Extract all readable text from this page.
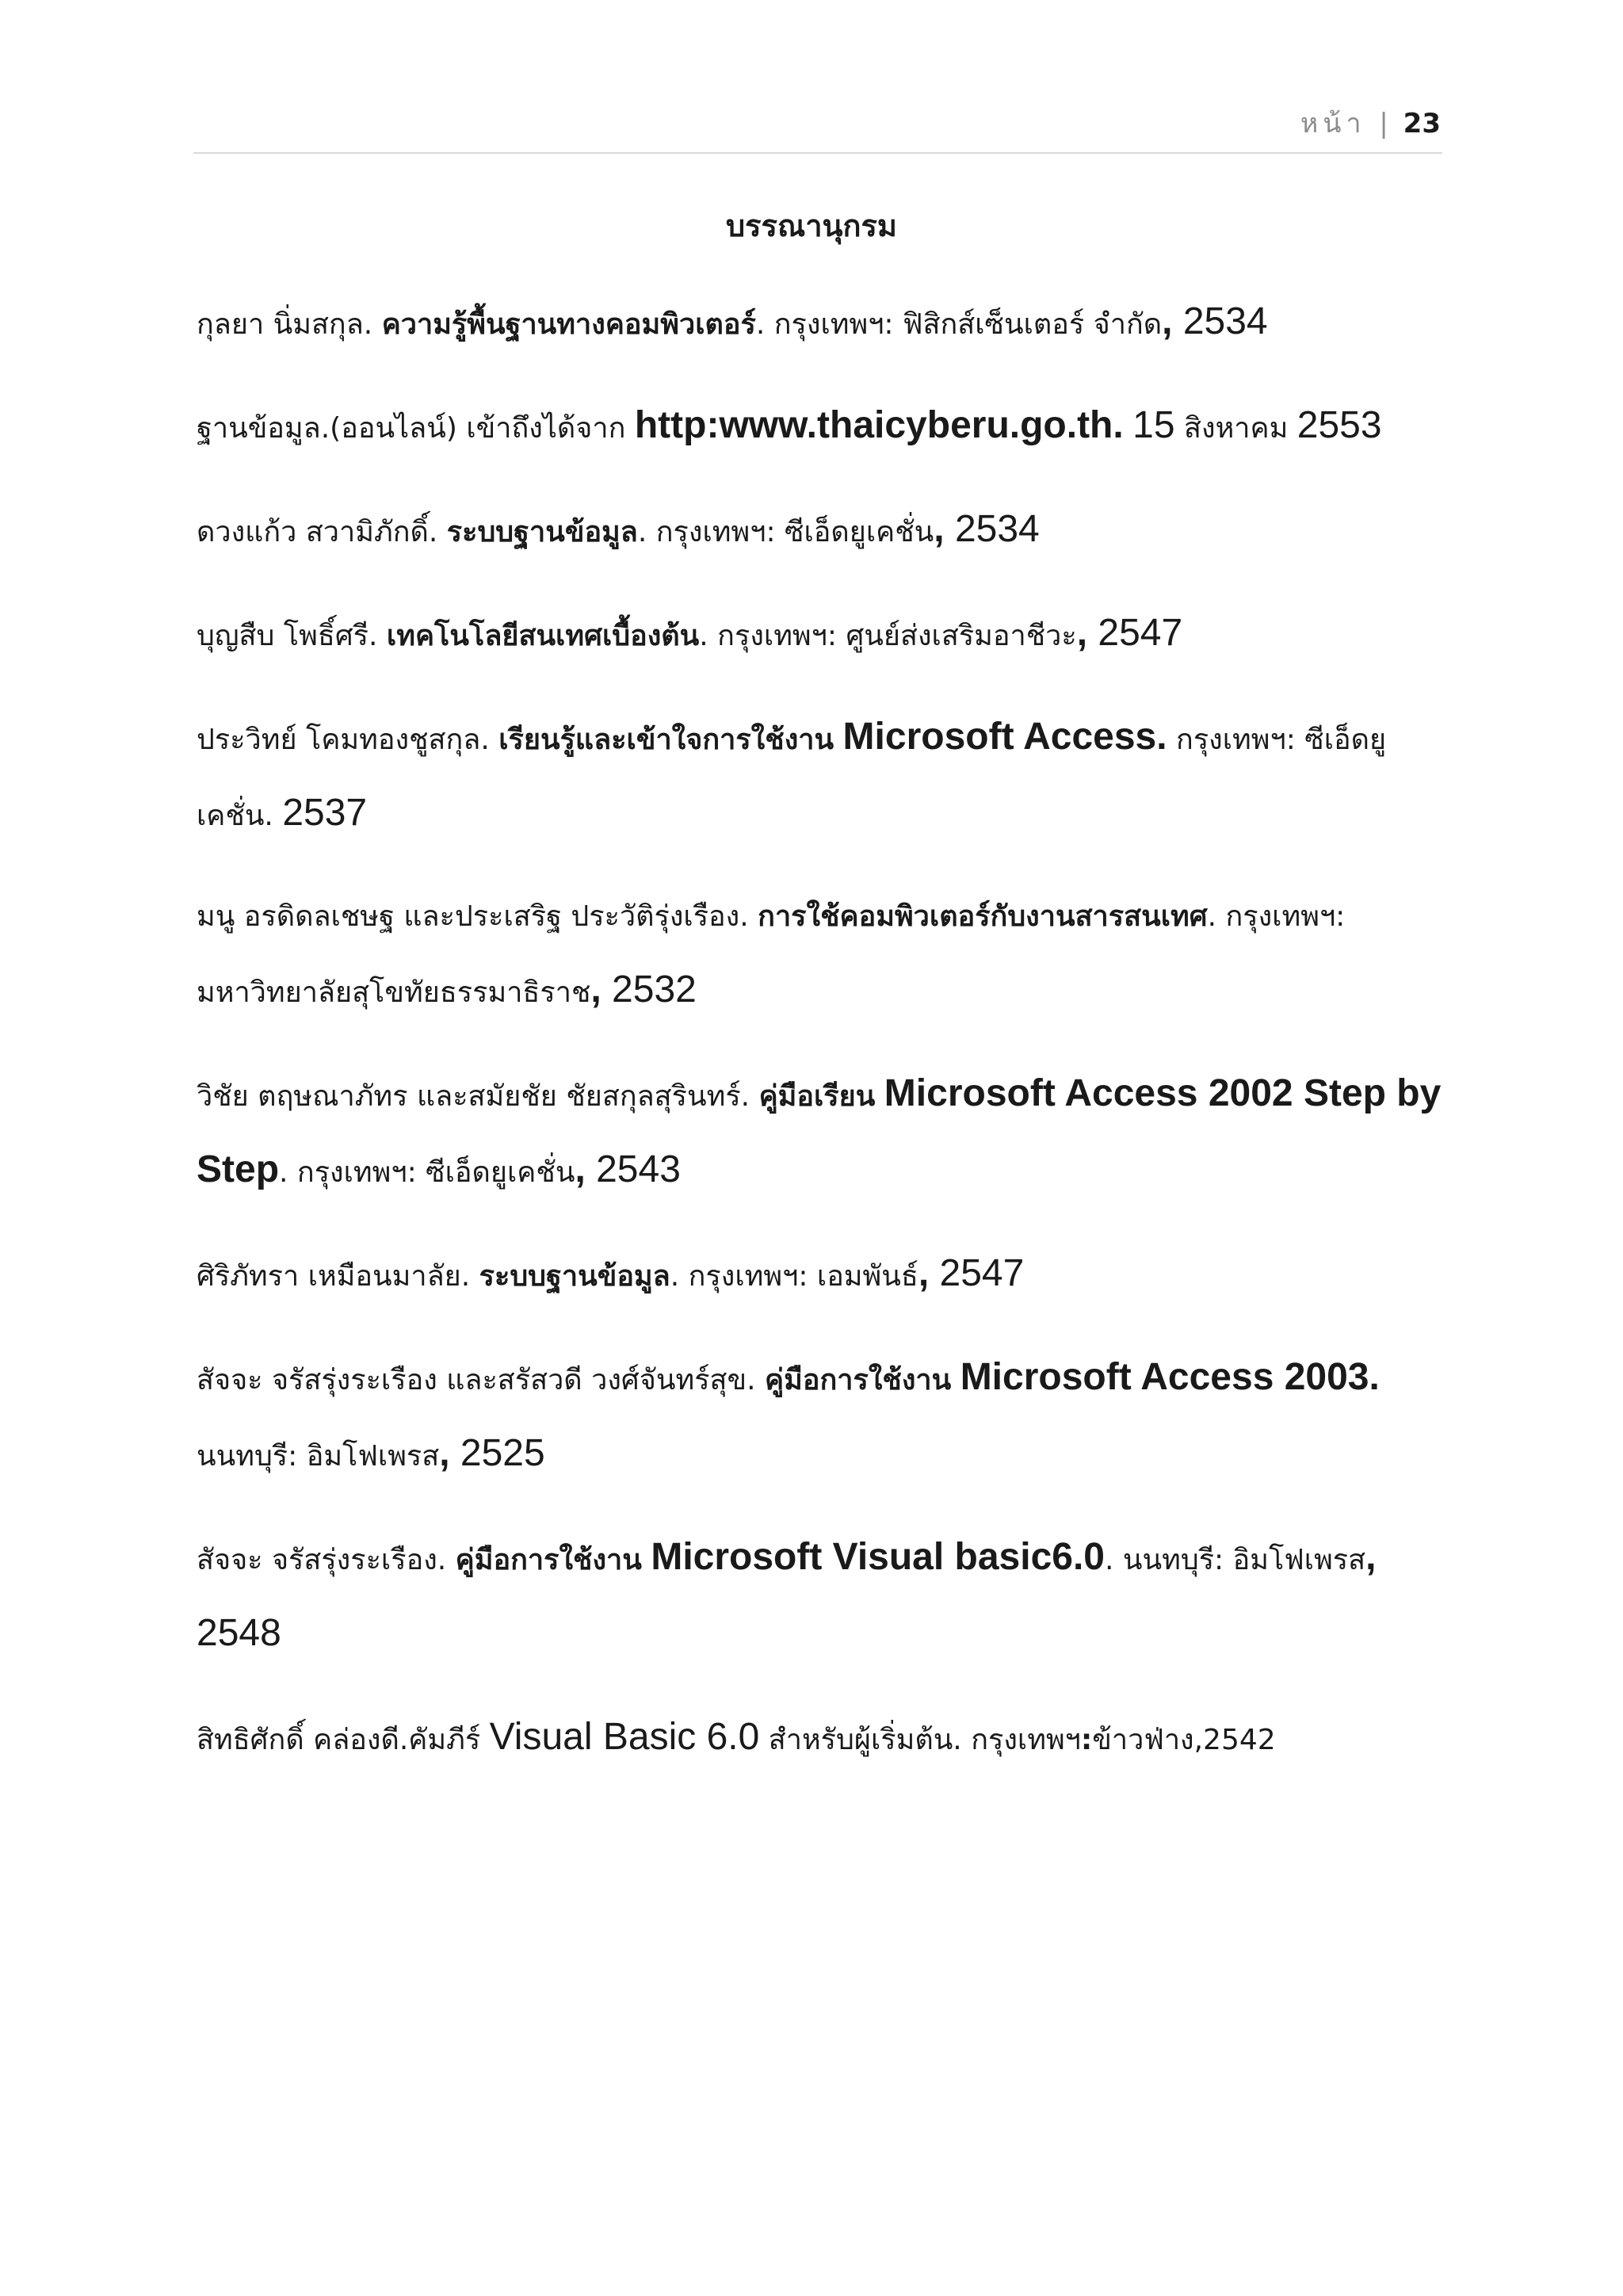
หน้า | 23
บรรณานุกรม
กุลยา นิ่มสกุล. ความรู้พื้นฐานทางคอมพิวเตอร์. กรุงเทพฯ: ฟิสิกส์เซ็นเตอร์ จำกัด, 2534
ฐานข้อมูล.(ออนไลน์) เข้าถึงได้จาก http:www.thaicyberu.go.th. 15 สิงหาคม 2553
ดวงแก้ว สวามิภักดิ์. ระบบฐานข้อมูล. กรุงเทพฯ: ซีเอ็ดยูเคชั่น, 2534
บุญสืบ โพธิ์ศรี. เทคโนโลยีสนเทศเบื้องต้น. กรุงเทพฯ: ศูนย์ส่งเสริมอาชีวะ, 2547
ประวิทย์ โคมทองชูสกุล. เรียนรู้และเข้าใจการใช้งาน Microsoft Access. กรุงเทพฯ: ซีเอ็ดยูเคชั่น. 2537
มนู อรดิดลเชษฐ และประเสริฐ ประวัติรุ่งเรือง. การใช้คอมพิวเตอร์กับงานสารสนเทศ. กรุงเทพฯ: มหาวิทยาลัยสุโขทัยธรรมาธิราช, 2532
วิชัย ตฤษณาภัทร และสมัยชัย ชัยสกุลสุรินทร์. คู่มือเรียน Microsoft Access 2002 Step by Step. กรุงเทพฯ: ซีเอ็ดยูเคชั่น, 2543
ศิริภัทรา เหมือนมาลัย. ระบบฐานข้อมูล. กรุงเทพฯ: เอมพันธ์, 2547
สัจจะ จรัสรุ่งระเรือง และสรัสวดี วงศ์จันทร์สุข. คู่มือการใช้งาน Microsoft Access 2003. นนทบุรี: อิมโฟเพรส, 2525
สัจจะ จรัสรุ่งระเรือง. คู่มือการใช้งาน Microsoft Visual basic6.0. นนทบุรี: อิมโฟเพรส, 2548
สิทธิศักดิ์ คล่องดี.คัมภีร์ Visual Basic 6.0 สำหรับผู้เริ่มต้น. กรุงเทพฯ:ข้าวฟ่าง,2542
